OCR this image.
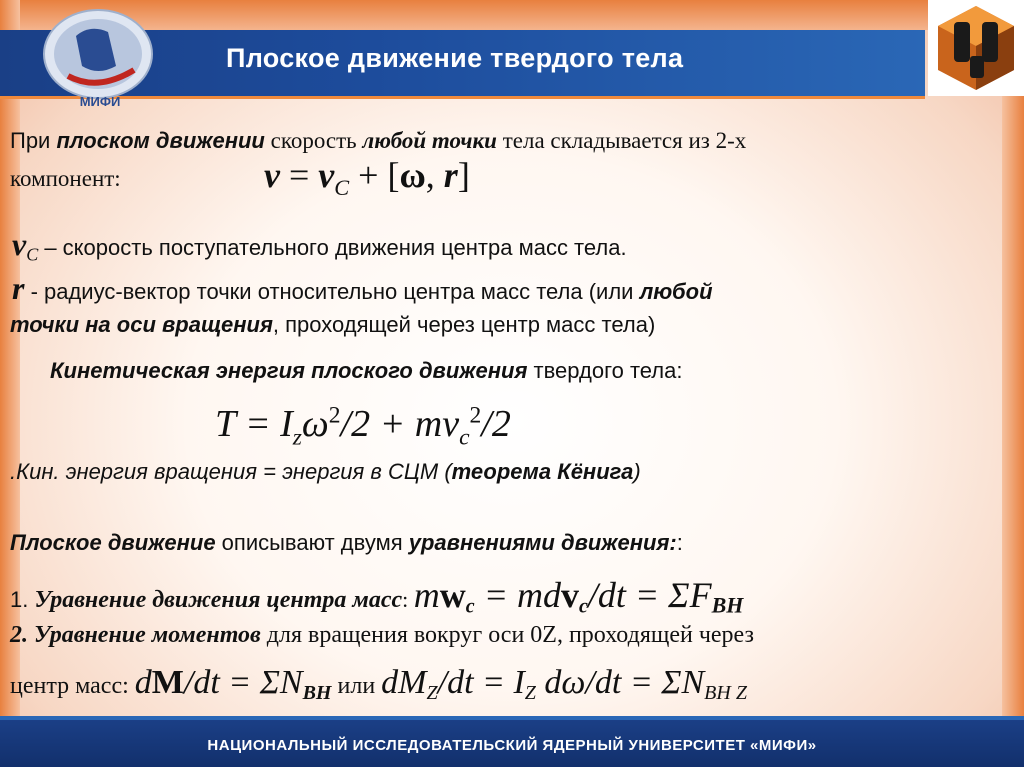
Плоское движение твердого тела
МИФИ
При плоском движении скорость любой точки тела складывается из 2-х
компонент:	$v = v_C + [\omega$, r]
$v_C$ – скорость поступательного движения центра масс тела.
r - радиус-вектор точки относительно центра масс тела (или любой
точки на оси вращения, проходящей через центр масс тела)
Кинетическая энергия плоского движения твердого тела:
$T = I_z\omega^2/2 + mv_c^2/2$
.Кин. энергия вращения = энергия в СЦМ (теорема Кёнига)
Плоское движение описывают двумя уравнениями движения::
1. Уравнение движения центра масс: $mw_c = mdv_c/dt = \Sigma F_{BH}$
2. Уравнение моментов для вращения вокруг оси 0Z, проходящей через
центр масс: $dM/dt = \Sigma N_{BH}$ или $dM_Z/dt = I_Z$ $d\omega/dt = \Sigma N_{BH Z}$
НАЦИОНАЛЬНЫЙ ИССЛЕДОВАТЕЛЬСКИЙ ЯДЕРНЫЙ УНИВЕРСИТЕТ «МИФИ»
